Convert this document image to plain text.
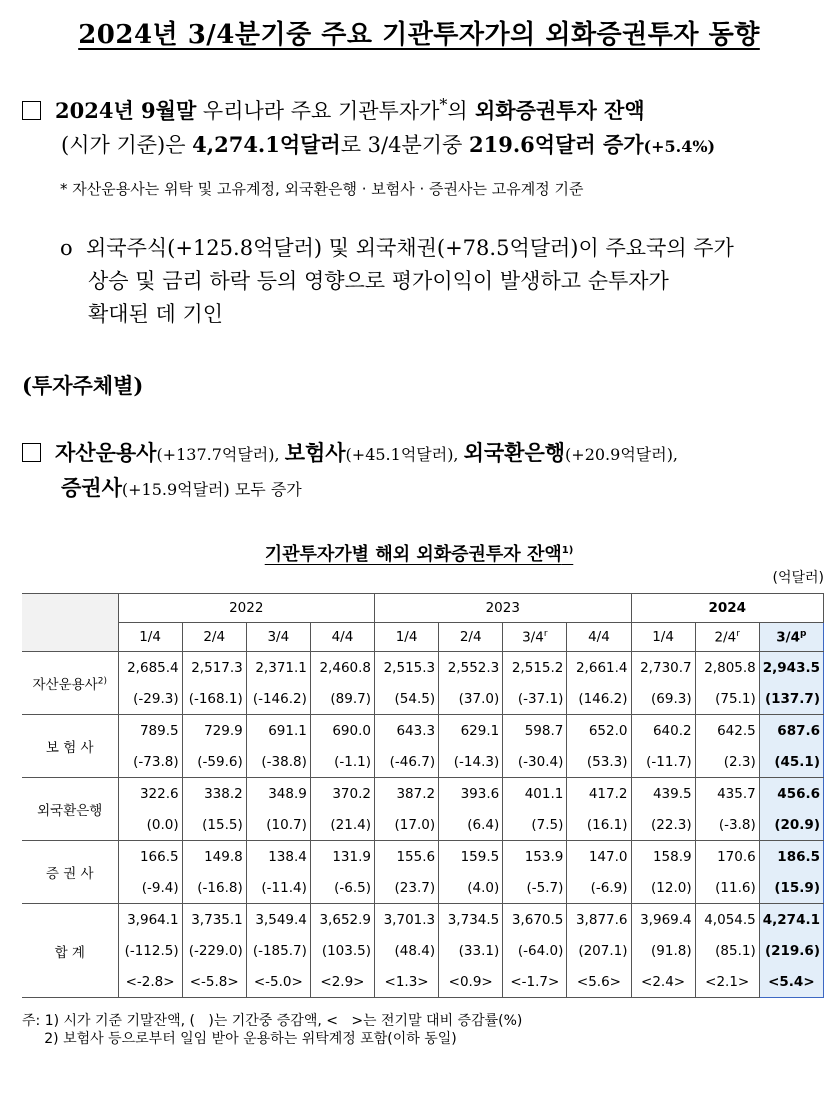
2024년 3/4분기중 주요 기관투자가의 외화증권투자 동향
2024년 9월말 우리나라 주요 기관투자가*의 외화증권투자 잔액
(시가 기준)은 4,274.1억달러로 3/4분기중 219.6억달러 증가(+5.4%)
* 자산운용사는 위탁 및 고유계정, 외국환은행 · 보험사 · 증권사는 고유계정 기준
o 외국주식(+125.8억달러) 및 외국채권(+78.5억달러)이 주요국의 주가
상승 및 금리 하락 등의 영향으로 평가이익이 발생하고 순투자가
확대된 데 기인
(투자주체별)
자산운용사(+137.7억달러), 보험사(+45.1억달러), 외국환은행(+20.9억달러),
증권사(+15.9억달러) 모두 증가
기관투자가별 해외 외화증권투자 잔액$^{1)}$
(억달러)
	2022				2023				2024		
	1/4	2/4	3/4	4/4	1/4	2/4	3/4$^r$	4/4	1/4	2/4$^r$	3/4$^p$
자산운용사$^{2)}$	2,685.4	2,517.3	2,371.1	2,460.8	2,515.3	2,552.3	2,515.2	2,661.4	2,730.7	2,805.8	2,943.5
	(-29.3)	(-168.1)	(-146.2)	(89.7)	(54.5)	(37.0)	(-37.1)	(146.2)	(69.3)	(75.1)	(137.7)
보 험 사	789.5	729.9	691.1	690.0	643.3	629.1	598.7	652.0	640.2	642.5	687.6
	(-73.8)	(-59.6)	(-38.8)	(-1.1)	(-46.7)	(-14.3)	(-30.4)	(53.3)	(-11.7)	(2.3)	(45.1)
외국환은행	322.6	338.2	348.9	370.2	387.2	393.6	401.1	417.2	439.5	435.7	456.6
	(0.0)	(15.5)	(10.7)	(21.4)	(17.0)	(6.4)	(7.5)	(16.1)	(22.3)	(-3.8)	(20.9)
증 권 사	166.5	149.8	138.4	131.9	155.6	159.5	153.9	147.0	158.9	170.6	186.5
	(-9.4)	(-16.8)	(-11.4)	(-6.5)	(23.7)	(4.0)	(-5.7)	(-6.9)	(12.0)	(11.6)	(15.9)
합 계	3,964.1	3,735.1	3,549.4	3,652.9	3,701.3	3,734.5	3,670.5	3,877.6	3,969.4	4,054.5	4,274.1
	(-112.5)	(-229.0)	(-185.7)	(103.5)	(48.4)	(33.1)	(-64.0)	(207.1)	(91.8)	(85.1)	(219.6)
	<-2.8>	<-5.8>	<-5.0>	<2.9>	<1.3>	<0.9>	<-1.7>	<5.6>	<2.4>	<2.1>	<5.4>
주: 1) 시가 기준 기말잔액, (   )는 기간중 증감액, <   >는 전기말 대비 증감률(%)
2) 보험사 등으로부터 일임 받아 운용하는 위탁계정 포함(이하 동일)
